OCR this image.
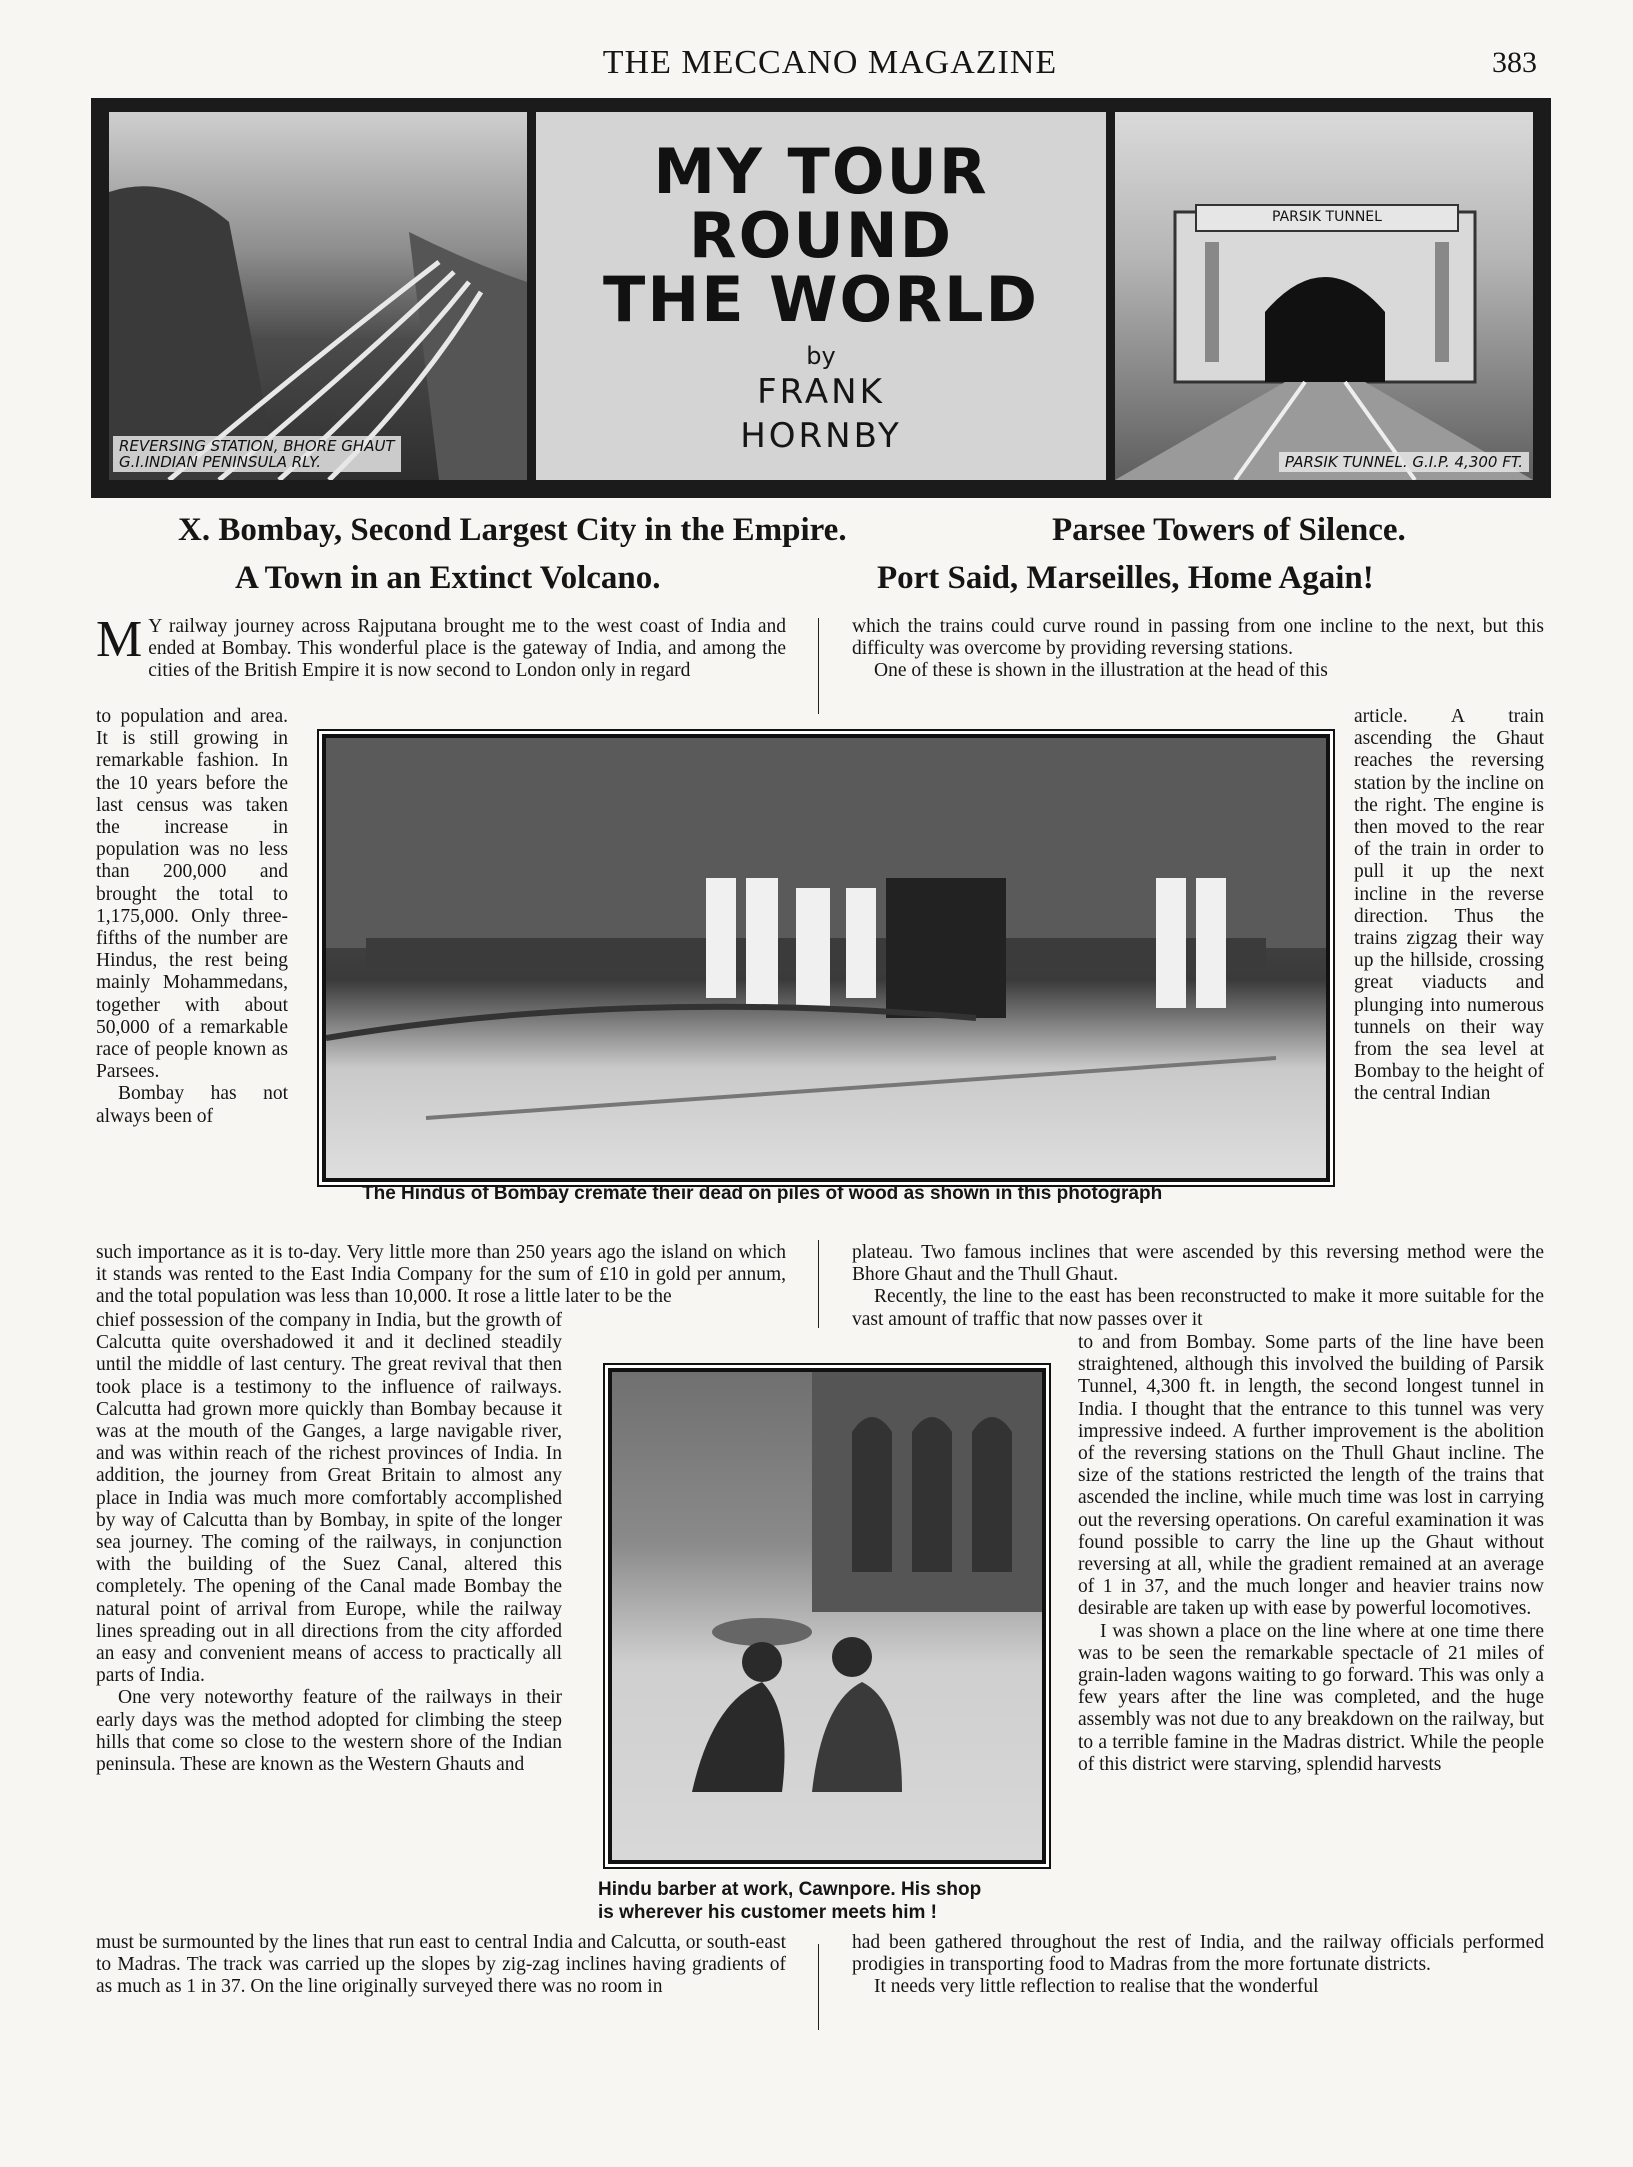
THE MECCANO MAGAZINE	383
REVERSING STATION, BHORE GHAUT
G.I.INDIAN PENINSULA RLY.
MY TOUR
ROUND
THE WORLD
by
FRANK
HORNBY
PARSIK TUNNEL
PARSIK TUNNEL. G.I.P. 4,300 FT.
X. Bombay, Second Largest City in the Empire.	Parsee Towers of Silence.
A Town in an Extinct Volcano.	Port Said, Marseilles, Home Again!
M Y railway journey across Rajputana brought me to the west coast of India and ended at Bombay. This wonderful place is the gateway of India, and among the cities of the British Empire it is now second to London only in regard

to population and area. It is still growing in remarkable fashion. In the 10 years before the last census was taken the increase in population was no less than 200,000 and brought the total to 1,175,000. Only three-fifths of the number are Hindus, the rest being mainly Mohammedans, together with about 50,000 of a remarkable race of people known as Parsees.

Bombay has not always been of

such importance as it is to-day. Very little more than 250 years ago the island on which it stands was rented to the East India Company for the sum of £10 in gold per annum, and the total population was less than 10,000. It rose a little later to be the

chief possession of the company in India, but the growth of Calcutta quite overshadowed it and it declined steadily until the middle of last century. The great revival that then took place is a testimony to the influence of railways. Calcutta had grown more quickly than Bombay because it was at the mouth of the Ganges, a large navigable river, and was within reach of the richest provinces of India. In addition, the journey from Great Britain to almost any place in India was much more comfortably accomplished by way of Calcutta than by Bombay, in spite of the longer sea journey. The coming of the railways, in conjunction with the building of the Suez Canal, altered this completely. The opening of the Canal made Bombay the natural point of arrival from Europe, while the railway lines spreading out in all directions from the city afforded an easy and convenient means of access to practically all parts of India.

One very noteworthy feature of the railways in their early days was the method adopted for climbing the steep hills that come so close to the western shore of the Indian peninsula. These are known as the Western Ghauts and

must be surmounted by the lines that run east to central India and Calcutta, or south-east to Madras. The track was carried up the slopes by zig-zag inclines having gradients of as much as 1 in 37. On the line originally surveyed there was no room in

which the trains could curve round in passing from one incline to the next, but this difficulty was overcome by providing reversing stations.

One of these is shown in the illustration at the head of this

article. A train ascending the Ghaut reaches the reversing station by the incline on the right. The engine is then moved to the rear of the train in order to pull it up the next incline in the reverse direction. Thus the trains zigzag their way up the hillside, crossing great viaducts and plunging into numerous tunnels on their way from the sea level at Bombay to the height of the central Indian

plateau. Two famous inclines that were ascended by this reversing method were the Bhore Ghaut and the Thull Ghaut.

Recently, the line to the east has been reconstructed to make it more suitable for the vast amount of traffic that now passes over it

to and from Bombay. Some parts of the line have been straightened, although this involved the building of Parsik Tunnel, 4,300 ft. in length, the second longest tunnel in India. I thought that the entrance to this tunnel was very impressive indeed. A further improvement is the abolition of the reversing stations on the Thull Ghaut incline. The size of the stations restricted the length of the trains that ascended the incline, while much time was lost in carrying out the reversing operations. On careful examination it was found possible to carry the line up the Ghaut without reversing at all, while the gradient remained at an average of 1 in 37, and the much longer and heavier trains now desirable are taken up with ease by powerful locomotives.

I was shown a place on the line where at one time there was to be seen the remarkable spectacle of 21 miles of grain-laden wagons waiting to go forward. This was only a few years after the line was completed, and the huge assembly was not due to any breakdown on the railway, but to a terrible famine in the Madras district. While the people of this district were starving, splendid harvests

had been gathered throughout the rest of India, and the railway officials performed prodigies in transporting food to Madras from the more fortunate districts.

It needs very little reflection to realise that the wonderful

The Hindus of Bombay cremate their dead on piles of wood as shown in this photograph
Hindu barber at work, Cawnpore. His shop
is wherever his customer meets him !
